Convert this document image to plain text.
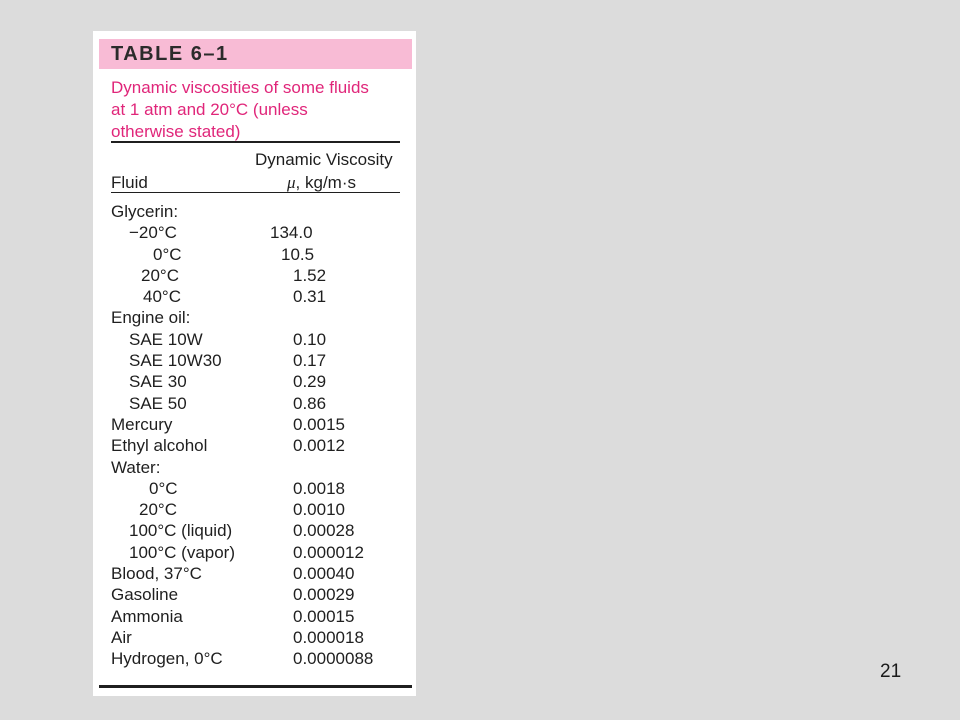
TABLE 6–1
Dynamic viscosities of some fluids
at 1 atm and 20°C (unless
otherwise stated)
Dynamic Viscosity
Fluid	μ, kg/m·s
Glycerin:
−20°C	134.0
0°C	10.5
20°C	1.52
40°C	0.31
Engine oil:
SAE 10W	0.10
SAE 10W30	0.17
SAE 30	0.29
SAE 50	0.86
Mercury	0.0015
Ethyl alcohol	0.0012
Water:
0°C	0.0018
20°C	0.0010
100°C (liquid)	0.00028
100°C (vapor)	0.000012
Blood, 37°C	0.00040
Gasoline	0.00029
Ammonia	0.00015
Air	0.000018
Hydrogen, 0°C	0.0000088
21
